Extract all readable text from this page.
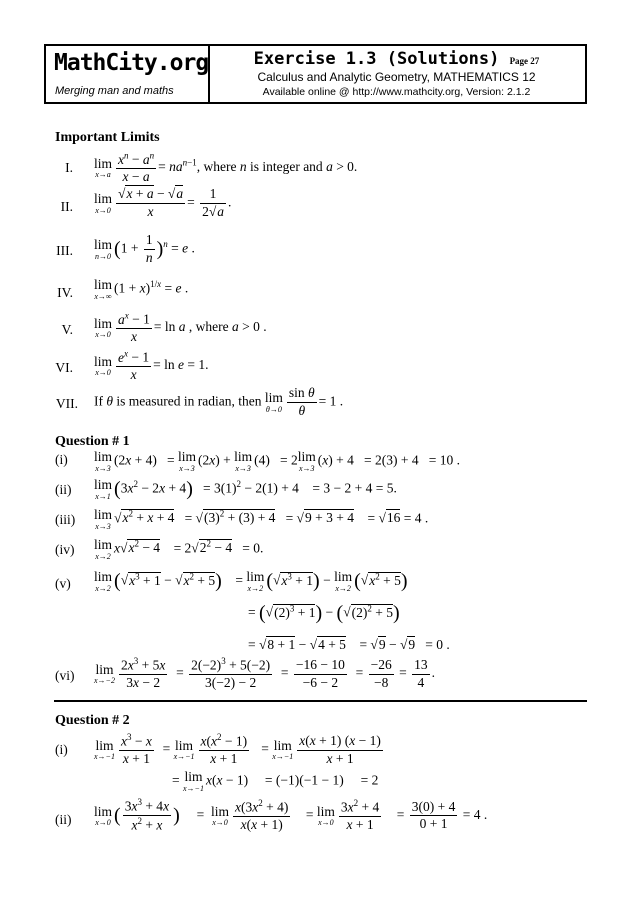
MathCity.org
Merging man and maths
Exercise 1.3 (Solutions) Page 27
Calculus and Analytic Geometry, MATHEMATICS 12
Available online @ http://www.mathcity.org, Version: 2.1.2
Important Limits
I. lim
$x\to a \frac{x^n - a^n}{x - a} = na^{n-1}$, where n is integer and a > 0.
II.
lim
$x\to 0 \frac{√x + a - √a}{x} = \frac{1}{2√a}$ .
III. lim
n→0 $(1 + \frac{1}{n} )^n = e$ .
IV.
lim
x→∞
$(1 + x)^{1/x} = e$ .
V. lim
$x\to 0 \frac{a^x - 1}{x} = \ln a$ , where a > 0 .
VI. lim
$x\to 0 \frac{e^x - 1}{x} = \ln e = 1$.
VII. If θ is measured in radian, then lim
$\theta\to 0 \frac{\text{sin θ}}{\theta} = 1$ .
Question # 1
(i)	lim
x→3
(2x + 4)   = lim
x→3
(2x) + lim
x→3
(4)   = 2lim
x→3
(x) + 4   = 2(3) + 4   = 10 .
(ii)	lim
x→1 $(3x^2 - 2x + 4) = 3(1)^2 - 2(1) + 4$    = 3 − 2 + 4 = 5.
(iii)	lim
x→3
$√x^2 + x + 4 = √(3)^2 + (3) + 4 = √9 + 3 + 4$    = √16 = 4 .
(iv)	lim
x→2
$x√x^2 - 4$    = $2√2^2 - 4 = 0$.
(v)	lim
x→2 $(√x^3 + 1 - √x^2 + 5)$    = lim
x→2 $(√x^3 + 1) - \lim$
x→2 $(√x^2 + 5)$
= $(√(2)^3 + 1) - (√(2)^2 + 5)$
= √8 + 1 − √4 + 5    = √9 − √9   = 0 .
(vi)	lim
$x\to-2 \frac{2x^3 + 5x}{3x - 2} = \frac{2(-2)^3 + 5(-2)}{3(-2) - 2} = \frac{-16 - 10}{-6 - 2} = \frac{-26}{-8} = \frac{13}{4}$ .
Question # 2
(i)	lim
$x\to-1 \frac{x^3 - x}{x + 1} = \lim$
$x\to-1 \frac{x(x^2 - 1)}{x + 1} = \lim$
$x\to-1 \frac{x(x + 1) (x - 1)}{x + 1}$
= lim
x→−1
x(x − 1)     = (−1)(−1 − 1)     = 2
(ii)
lim
x→0 ( $\frac{3x^3 + 4x}{x^2 + x}$ )     =  lim
$x\to 0 \frac{x(3x^2 + 4)}{x(x + 1)} = \lim$
$x\to 0 \frac{3x^2 + 4}{x + 1} = \frac{3(0) + 4}{0 + 1} = 4$ .
